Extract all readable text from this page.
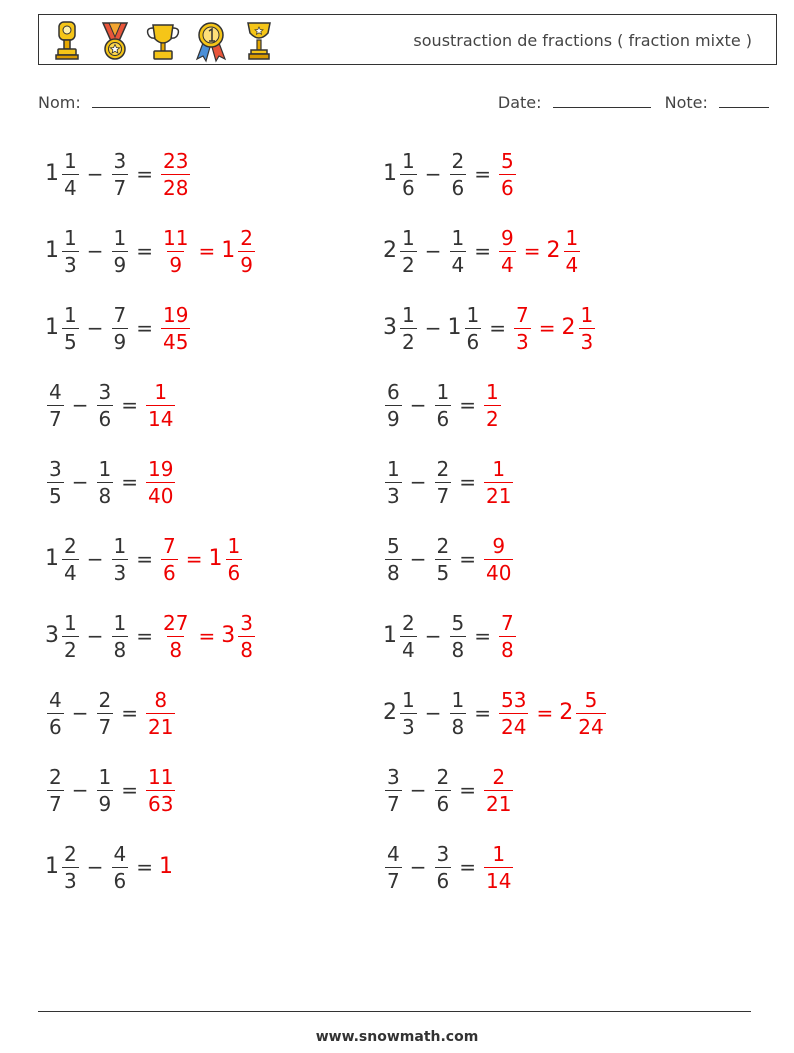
soustraction de fractions ( fraction mixte )
Nom:	Date:	Note:
$1 \frac{1}{4} - \frac{3}{7} = \frac{23}{28}$
$1 \frac{1}{3} - \frac{1}{9} = \frac{11}{9} = 1 \frac{2}{9}$
$1 \frac{1}{5} - \frac{7}{9} = \frac{19}{45}$
$\frac{4}{7} - \frac{3}{6} = \frac{1}{14}$
$\frac{3}{5} - \frac{1}{8} = \frac{19}{40}$
$1 \frac{2}{4} - \frac{1}{3} = \frac{7}{6} = 1 \frac{1}{6}$
$3 \frac{1}{2} - \frac{1}{8} = \frac{27}{8} = 3 \frac{3}{8}$
$\frac{4}{6} - \frac{2}{7} = \frac{8}{21}$
$\frac{2}{7} - \frac{1}{9} = \frac{11}{63}$
$1 \frac{2}{3} - \frac{4}{6} = 1$
$1 \frac{1}{6} - \frac{2}{6} = \frac{5}{6}$
$2 \frac{1}{2} - \frac{1}{4} = \frac{9}{4} = 2 \frac{1}{4}$
$3 \frac{1}{2} - 1 \frac{1}{6} = \frac{7}{3} = 2 \frac{1}{3}$
$\frac{6}{9} - \frac{1}{6} = \frac{1}{2}$
$\frac{1}{3} - \frac{2}{7} = \frac{1}{21}$
$\frac{5}{8} - \frac{2}{5} = \frac{9}{40}$
$1 \frac{2}{4} - \frac{5}{8} = \frac{7}{8}$
$2 \frac{1}{3} - \frac{1}{8} = \frac{53}{24} = 2 \frac{5}{24}$
$\frac{3}{7} - \frac{2}{6} = \frac{2}{21}$
$\frac{4}{7} - \frac{3}{6} = \frac{1}{14}$
www.snowmath.com
